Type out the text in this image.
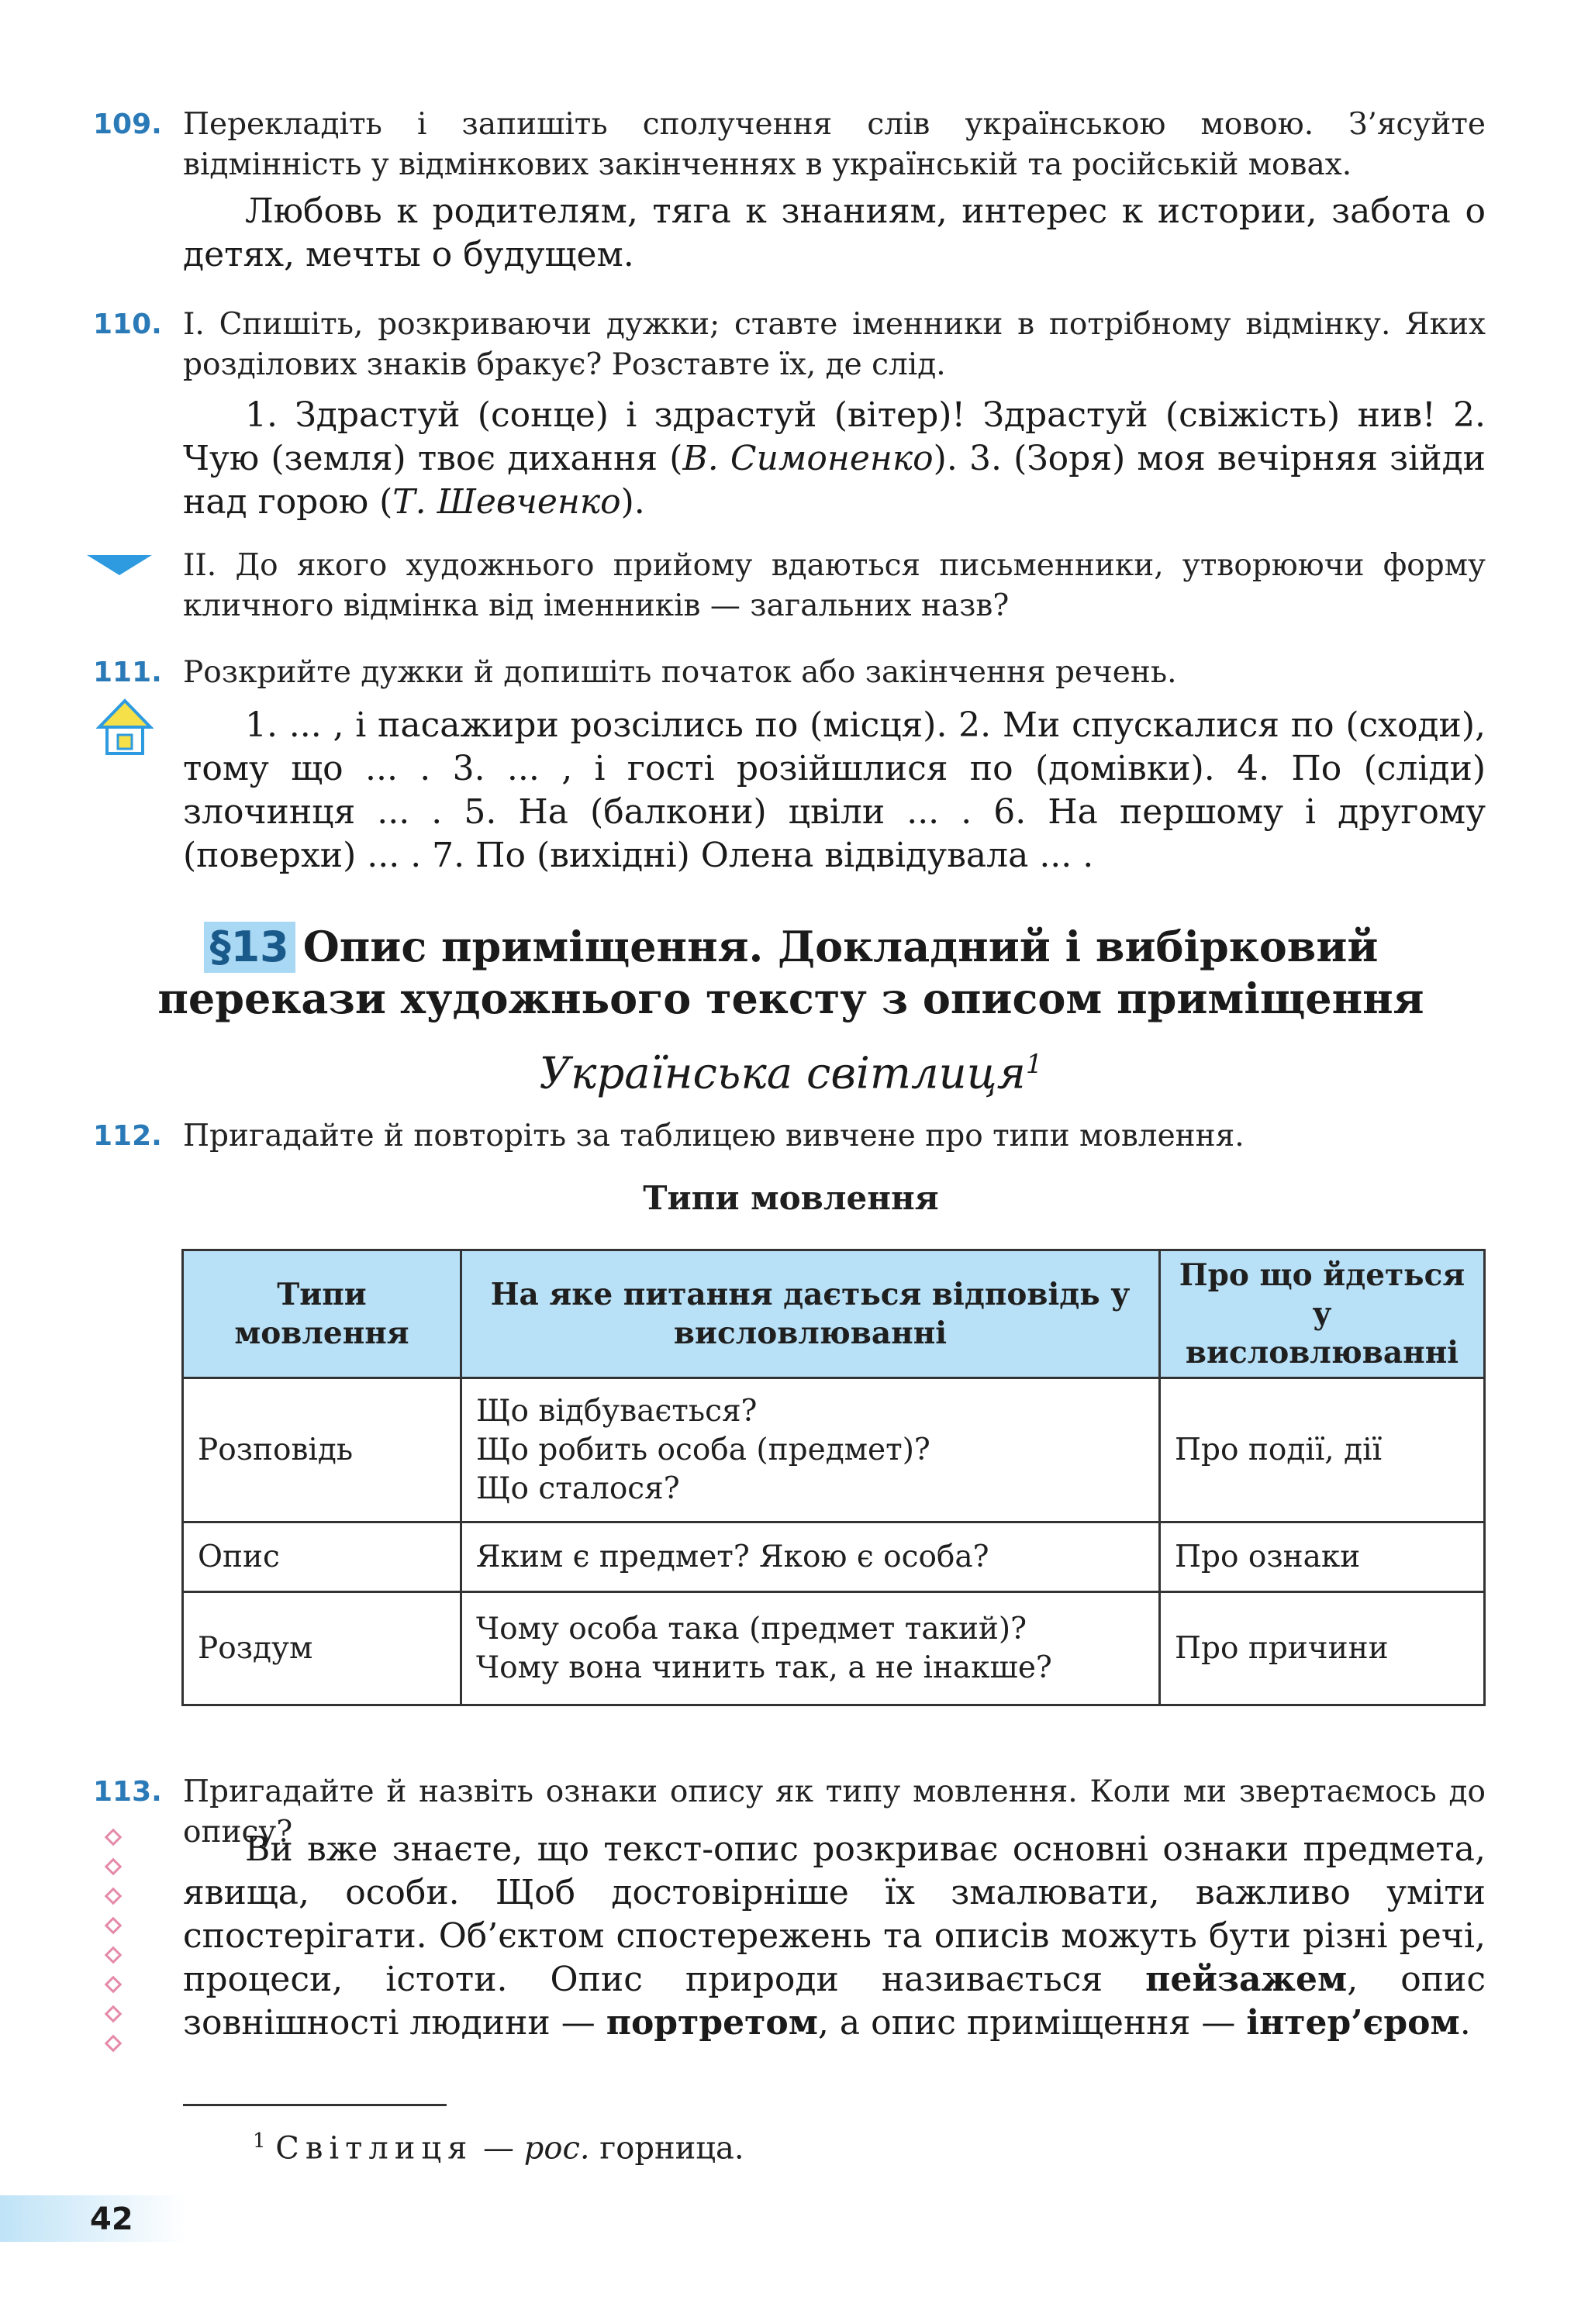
109. Перекладіть і запишіть сполучення слів українською мовою. З’ясуйте відмінність у відмінкових закінченнях в українській та російській мовах.
Любовь к родителям, тяга к знаниям, интерес к истории, забота о детях, мечты о будущем.
110. I. Спишіть, розкриваючи дужки; ставте іменники в потрібному відмінку. Яких розділових знаків бракує? Розставте їх, де слід.
1. Здрастуй (сонце) і здрастуй (вітер)! Здрастуй (свіжість) нив! 2. Чую (земля) твоє дихання (В. Симоненко). 3. (Зоря) моя вечірняя зійди над горою (Т. Шевченко).
II. До якого художнього прийому вдаються письменники, утворюючи форму кличного відмінка від іменників — загальних назв?
111. Розкрийте дужки й допишіть початок або закінчення речень.
1. ... , і пасажири розсілись по (місця). 2. Ми спускалися по (сходи), тому що ... . 3. ... , і гості розійшлися по (домівки). 4. По (сліди) злочинця ... . 5. На (балкони) цвіли ... . 6. На першому і другому (поверхи) ... . 7. По (вихідні) Олена відвідувала ... .
§13 Опис приміщення. Докладний і вибірковий
перекази художнього тексту з описом приміщення
Українська світлиця$^1$
112. Пригадайте й повторіть за таблицею вивчене про типи мовлення.
Типи мовлення
Типи мовлення	На яке питання дається відповідь у висловлюванні	Про що йдеться у висловлюванні
Розповідь	Що відбувається?
Що робить особа (предмет)?
Що сталося?	Про події, дії
Опис	Яким є предмет? Якою є особа?	Про ознаки
Роздум	Чому особа така (предмет такий)?
Чому вона чинить так, а не інакше?	Про причини
113. Пригадайте й назвіть ознаки опису як типу мовлення. Коли ми звертаємось до опису?
Ви вже знаєте, що текст-опис розкриває основні ознаки предмета, явища, особи. Щоб достовірніше їх змалювати, важливо уміти спостерігати. Об’єктом спостережень та описів можуть бути різні речі, процеси, істоти. Опис природи називається пейзажем, опис зовнішності людини — портретом, а опис приміщення — інтер’єром.
$^1$ Світлиця — рос. горница.
42
